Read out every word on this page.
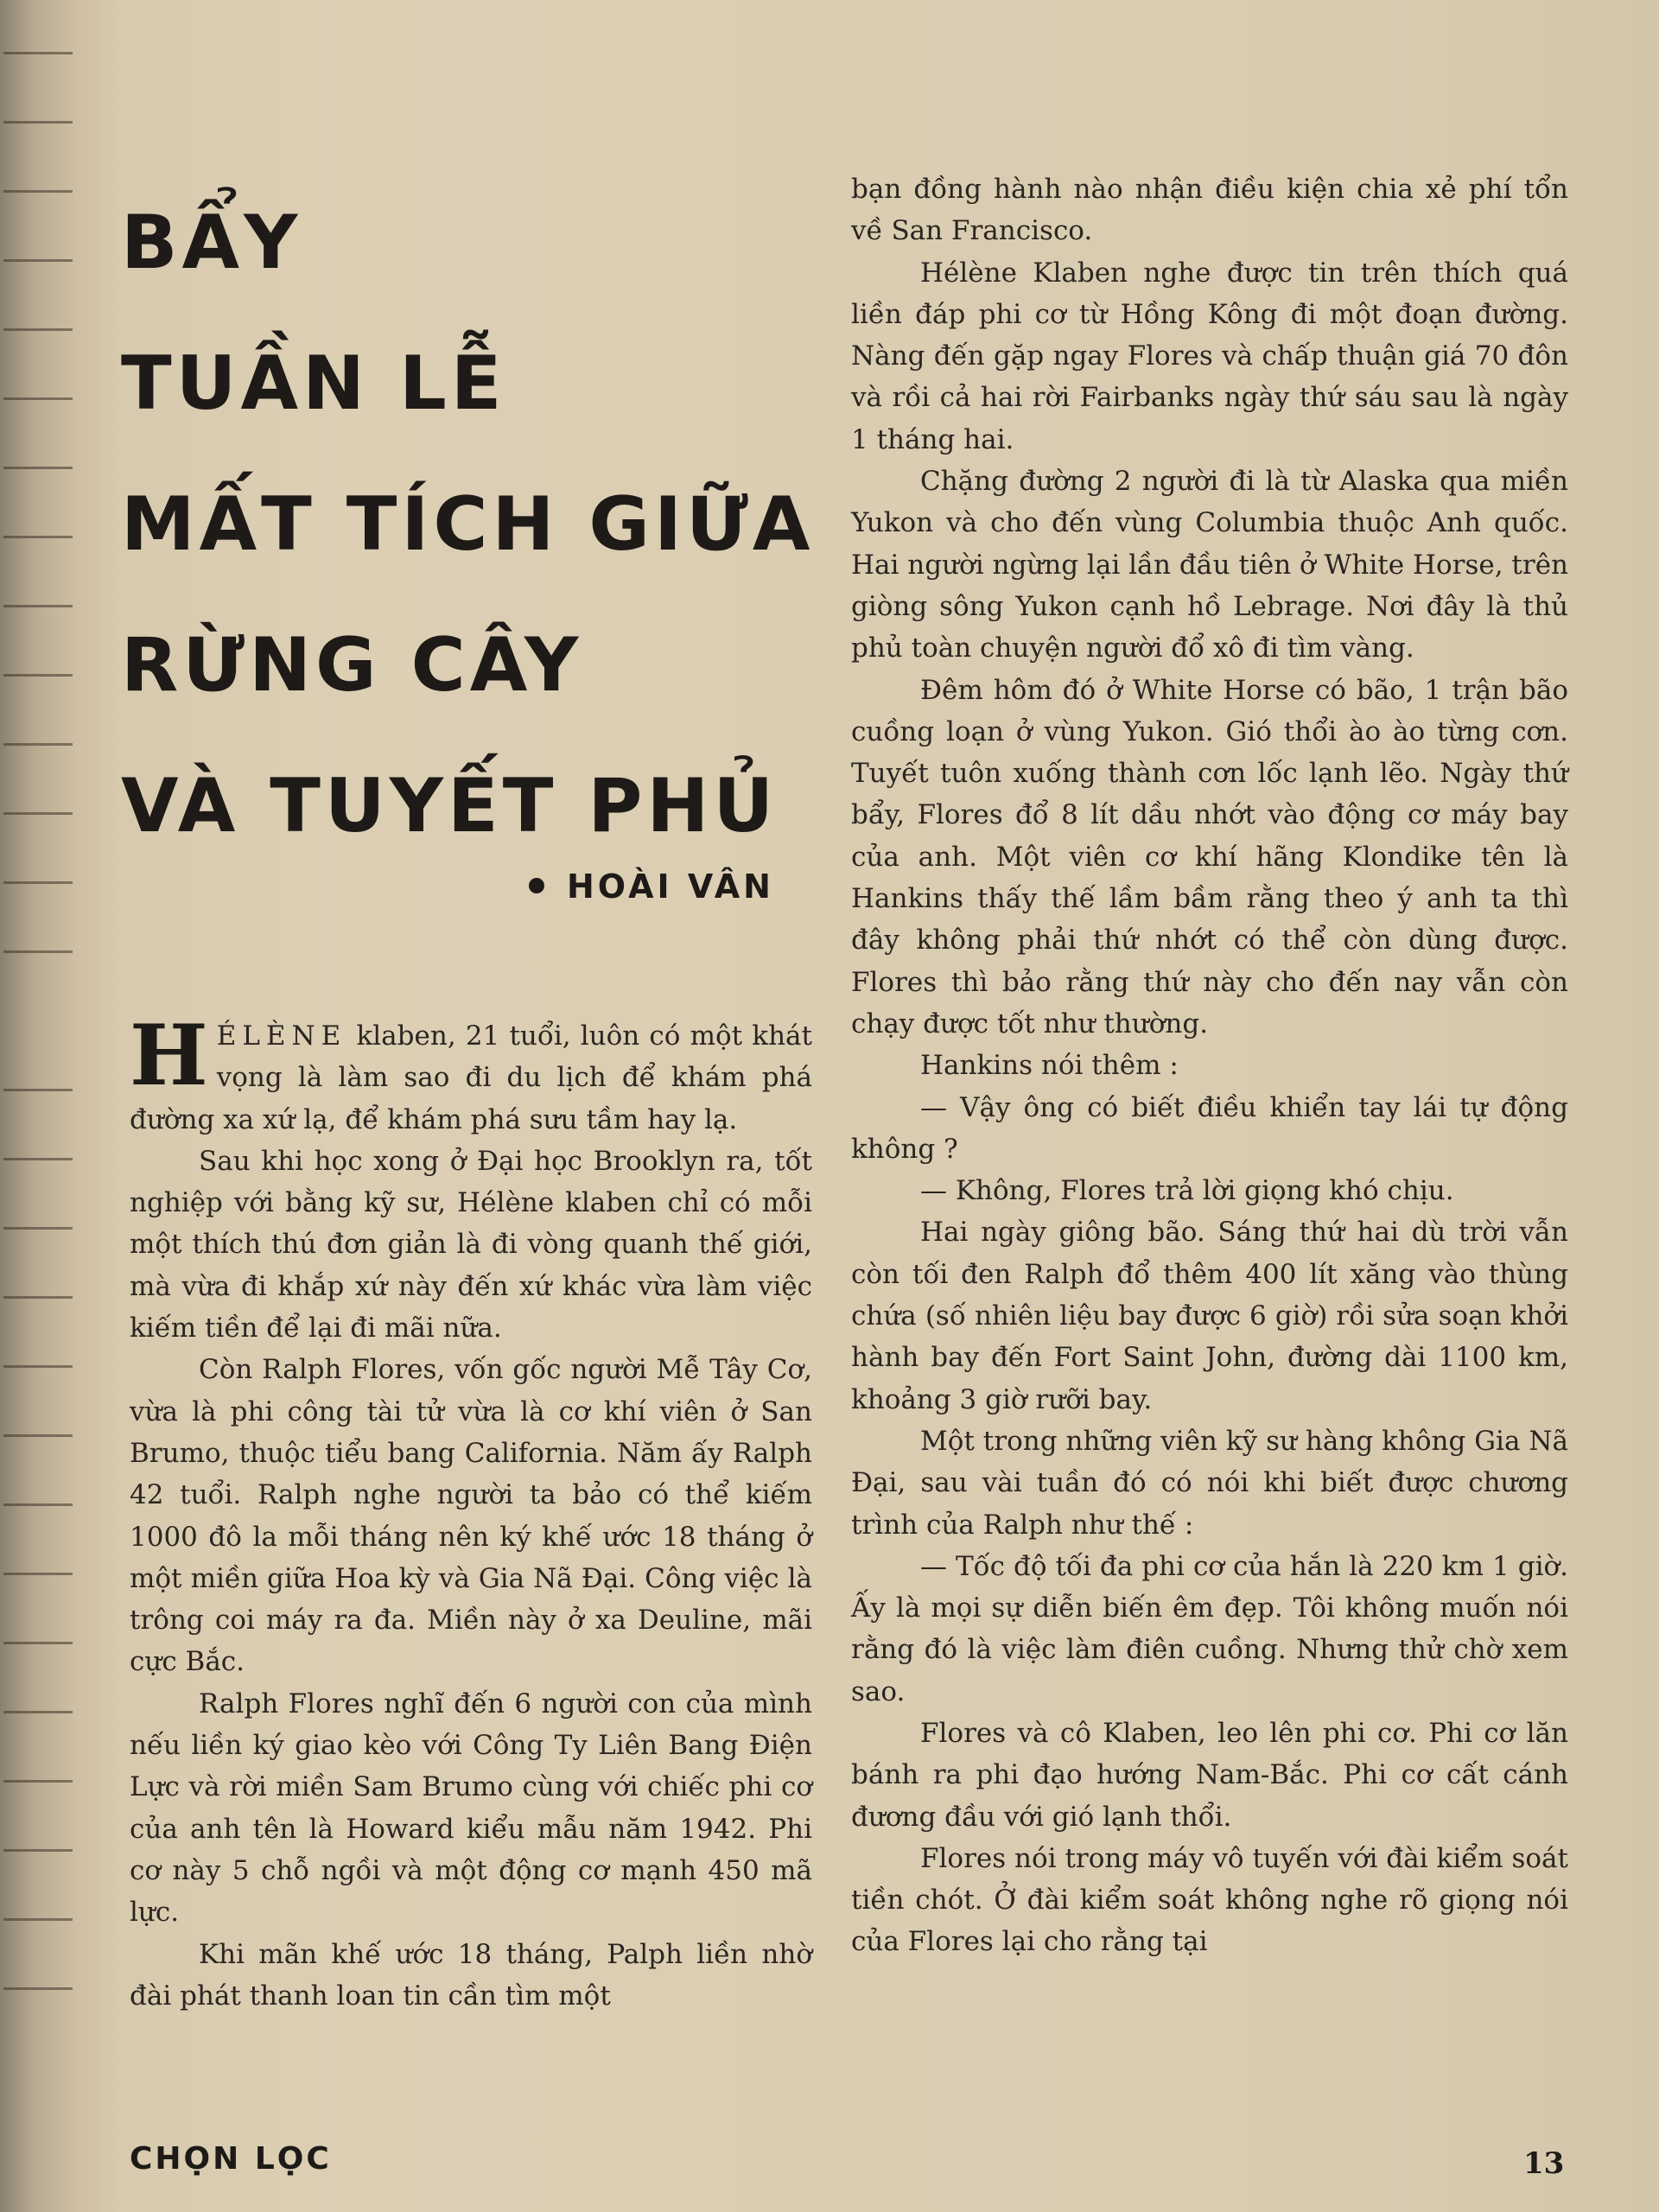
BẨY
TUẦN LỄ
MẤT TÍCH GIỮA
RỪNG CÂY
VÀ TUYẾT PHỦ
HOÀI VÂN

HÉLÈNE klaben, 21 tuổi, luôn có một khát vọng là làm sao đi du lịch để khám phá đường xa xứ lạ, để khám phá sưu tầm hay lạ.

Sau khi học xong ở Đại học Brooklyn ra, tốt nghiệp với bằng kỹ sư, Hélène klaben chỉ có mỗi một thích thú đơn giản là đi vòng quanh thế giới, mà vừa đi khắp xứ này đến xứ khác vừa làm việc kiếm tiền để lại đi mãi nữa.

Còn Ralph Flores, vốn gốc người Mễ Tây Cơ, vừa là phi công tài tử vừa là cơ khí viên ở San Brumo, thuộc tiểu bang California. Năm ấy Ralph 42 tuổi. Ralph nghe người ta bảo có thể kiếm 1000 đô la mỗi tháng nên ký khế ước 18 tháng ở một miền giữa Hoa kỳ và Gia Nã Đại. Công việc là trông coi máy ra đa. Miền này ở xa Deuline, mãi cực Bắc.

Ralph Flores nghĩ đến 6 người con của mình nếu liền ký giao kèo với Công Ty Liên Bang Điện Lực và rời miền Sam Brumo cùng với chiếc phi cơ của anh tên là Howard kiểu mẫu năm 1942. Phi cơ này 5 chỗ ngồi và một động cơ mạnh 450 mã lực.

Khi mãn khế ước 18 tháng, Palph liền nhờ đài phát thanh loan tin cần tìm một

bạn đồng hành nào nhận điều kiện chia xẻ phí tổn về San Francisco.

Hélène Klaben nghe được tin trên thích quá liền đáp phi cơ từ Hồng Kông đi một đoạn đường. Nàng đến gặp ngay Flores và chấp thuận giá 70 đôn và rồi cả hai rời Fairbanks ngày thứ sáu sau là ngày 1 tháng hai.

Chặng đường 2 người đi là từ Alaska qua miền Yukon và cho đến vùng Columbia thuộc Anh quốc. Hai người ngừng lại lần đầu tiên ở White Horse, trên giòng sông Yukon cạnh hồ Lebrage. Nơi đây là thủ phủ toàn chuyện người đổ xô đi tìm vàng.

Đêm hôm đó ở White Horse có bão, 1 trận bão cuồng loạn ở vùng Yukon. Gió thổi ào ào từng cơn. Tuyết tuôn xuống thành cơn lốc lạnh lẽo. Ngày thứ bẩy, Flores đổ 8 lít dầu nhớt vào động cơ máy bay của anh. Một viên cơ khí hãng Klondike tên là Hankins thấy thế lầm bầm rằng theo ý anh ta thì đây không phải thứ nhớt có thể còn dùng được. Flores thì bảo rằng thứ này cho đến nay vẫn còn chạy được tốt như thường.

Hankins nói thêm :

— Vậy ông có biết điều khiển tay lái tự động không ?

— Không, Flores trả lời giọng khó chịu.

Hai ngày giông bão. Sáng thứ hai dù trời vẫn còn tối đen Ralph đổ thêm 400 lít xăng vào thùng chứa (số nhiên liệu bay được 6 giờ) rồi sửa soạn khởi hành bay đến Fort Saint John, đường dài 1100 km, khoảng 3 giờ rưỡi bay.

Một trong những viên kỹ sư hàng không Gia Nã Đại, sau vài tuần đó có nói khi biết được chương trình của Ralph như thế :

— Tốc độ tối đa phi cơ của hắn là 220 km 1 giờ. Ấy là mọi sự diễn biến êm đẹp. Tôi không muốn nói rằng đó là việc làm điên cuồng. Nhưng thử chờ xem sao.

Flores và cô Klaben, leo lên phi cơ. Phi cơ lăn bánh ra phi đạo hướng Nam-Bắc. Phi cơ cất cánh đương đầu với gió lạnh thổi.

Flores nói trong máy vô tuyến với đài kiểm soát tiền chót. Ở đài kiểm soát không nghe rõ giọng nói của Flores lại cho rằng tại

CHỌN LỌC	13
